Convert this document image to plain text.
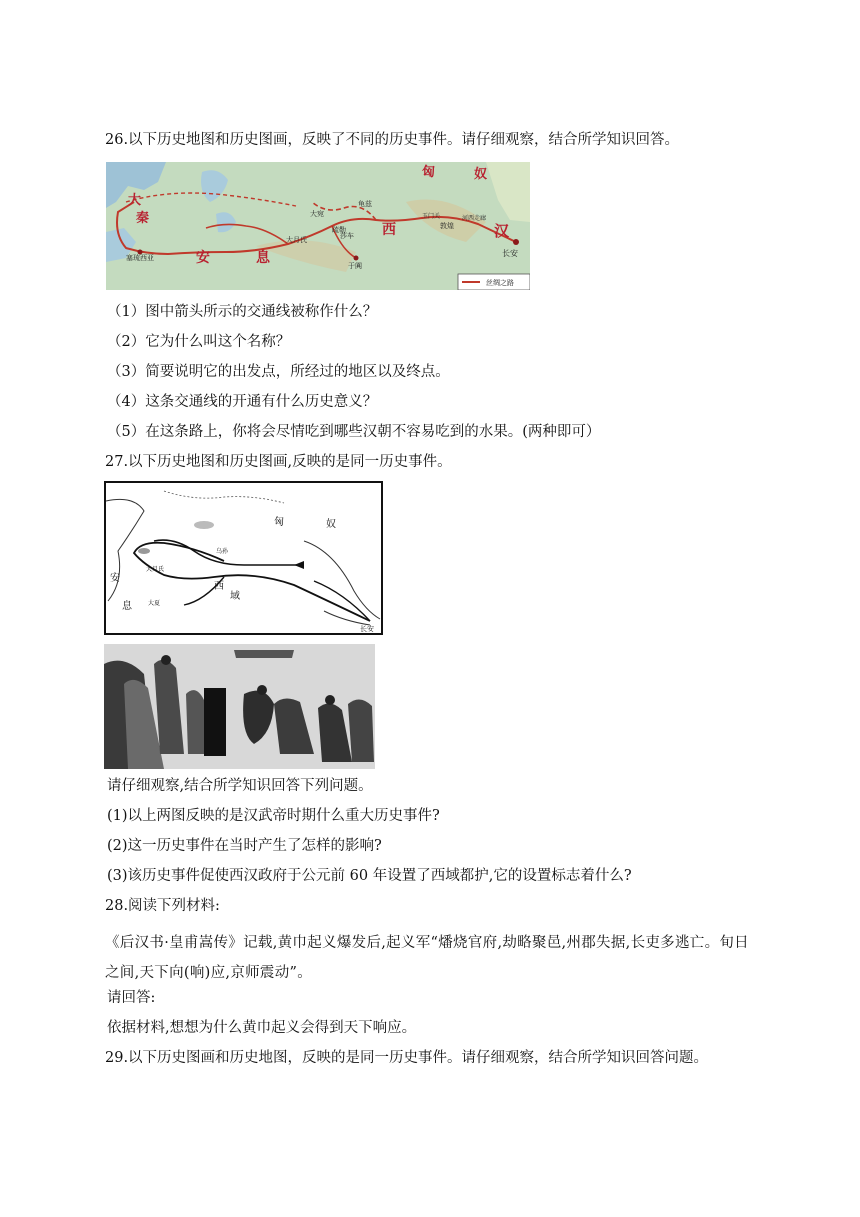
26.以下历史地图和历史图画，反映了不同的历史事件。请仔细观察，结合所学知识回答。
大
秦
安	息
匈	奴
西	汉
大宛
大月氏
疏勒
龟兹
莎车
于阗
玉门关
敦煌
河西走廊
长安
塞琉西亚
丝绸之路
（1）图中箭头所示的交通线被称作什么？
（2）它为什么叫这个名称？
（3）简要说明它的出发点，所经过的地区以及终点。
（4）这条交通线的开通有什么历史意义？
（5）在这条路上，你将会尽情吃到哪些汉朝不容易吃到的水果。(两种即可）
27.以下历史地图和历史图画,反映的是同一历史事件。
匈	奴
安
息
西
域
大月氏
大夏
乌孙
长安
请仔细观察,结合所学知识回答下列问题。
(1)以上两图反映的是汉武帝时期什么重大历史事件?
(2)这一历史事件在当时产生了怎样的影响?
(3)该历史事件促使西汉政府于公元前 60 年设置了西域都护,它的设置标志着什么?
28.阅读下列材料:
《后汉书·皇甫嵩传》记载,黄巾起义爆发后,起义军“燔烧官府,劫略聚邑,州郡失据,长吏多逃亡。旬日之间,天下向(响)应,京师震动”。
请回答:
依据材料,想想为什么黄巾起义会得到天下响应。
29.以下历史图画和历史地图，反映的是同一历史事件。请仔细观察，结合所学知识回答问题。
